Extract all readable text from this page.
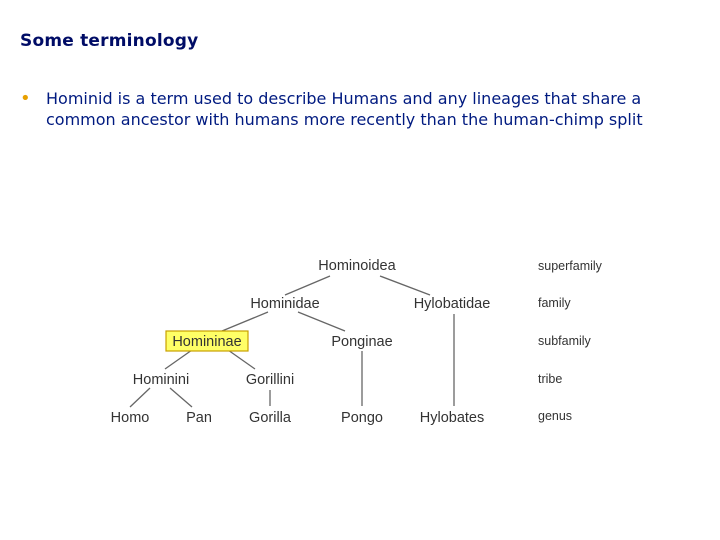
Some terminology
• Hominid is a term used to describe Humans and any lineages that share a common ancestor with humans more recently than the human-chimp split
Hominoidea
Hominidae	Hylobatidae
Homininae	Ponginae
Hominini	Gorillini
Homo	Pan	Gorilla	Pongo	Hylobates
superfamily
family
subfamily
tribe
genus
